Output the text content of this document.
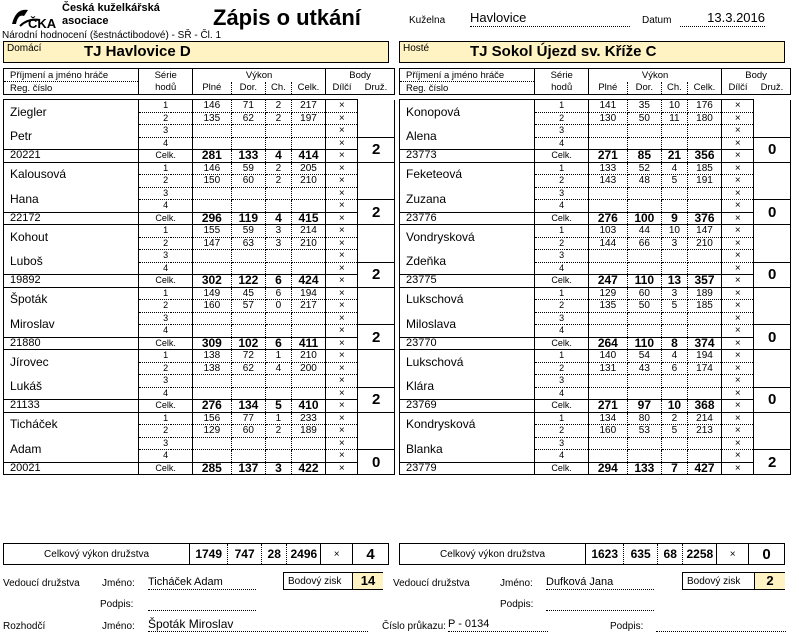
ČKA
Česká kuželkářská
asociace
Národní hodnocení (šestnáctibodové) - SŘ - Čl. 1
Zápis o utkání	Kuželna Havlovice	Datum	13.3.2016
Domácí	TJ Havlovice D	Hosté	TJ Sokol Újezd sv. Kříže C
Příjmení a jméno hráče	Série	Výkon				Body	
Reg. číslo	hodů	Plné	Dor.	Ch.	Celk.	Dílčí	Druž.

Ziegler	1	146	71	2	217	×	
	2	135	62	2	197	×	
Petr	3					×	
	4					×	2
20221	Celk.	281	133	4	414	×	
Kalousová	1	146	59	2	205	×	
	2	150	60	2	210	×	
Hana	3					×	
	4					×	2
22172	Celk.	296	119	4	415	×	
Kohout	1	155	59	3	214	×	
	2	147	63	3	210	×	
Luboš	3					×	
	4					×	2
19892	Celk.	302	122	6	424	×	
Špoták	1	149	45	6	194	×	
	2	160	57	0	217	×	
Miroslav	3					×	
	4					×	2
21880	Celk.	309	102	6	411	×	
Jírovec	1	138	72	1	210	×	
	2	138	62	4	200	×	
Lukáš	3					×	
	4					×	2
21133	Celk.	276	134	5	410	×	
Ticháček	1	156	77	1	233	×	
	2	129	60	2	189	×	
Adam	3					×	
	4					×	0
20021	Celk.	285	137	3	422	×	
Příjmení a jméno hráče	Série	Výkon				Body	
Reg. číslo	hodů	Plné	Dor.	Ch.	Celk.	Dílčí	Druž.

Konopová	1	141	35	10	176	×	
	2	130	50	11	180	×	
Alena	3					×	
	4					×	0
23773	Celk.	271	85	21	356	×	
Feketeová	1	133	52	4	185	×	
	2	143	48	5	191	×	
Zuzana	3					×	
	4					×	0
23776	Celk.	276	100	9	376	×	
Vondrysková	1	103	44	10	147	×	
	2	144	66	3	210	×	
Zdeňka	3					×	
	4					×	0
23775	Celk.	247	110	13	357	×	
Lukschová	1	129	60	3	189	×	
	2	135	50	5	185	×	
Miloslava	3					×	
	4					×	0
23770	Celk.	264	110	8	374	×	
Lukschová	1	140	54	4	194	×	
	2	131	43	6	174	×	
Klára	3					×	
	4					×	0
23769	Celk.	271	97	10	368	×	
Kondrysková	1	134	80	2	214	×	
	2	160	53	5	213	×	
Blanka	3					×	
	4					×	2
23779	Celk.	294	133	7	427	×	
Celkový výkon družstva	1749	747	28	2496	×	4	Celkový výkon družstva	1623	635	68	2258	×	0
Vedoucí družstva Jméno: Ticháček Adam	Bodový zisk	14
Podpis:
Vedoucí družstva	Jméno: Dufková Jana	Bodový zisk	2
Podpis:
Rozhodčí	Jméno: Špoták Miroslav	Číslo průkazu: P - 0134	Podpis:
